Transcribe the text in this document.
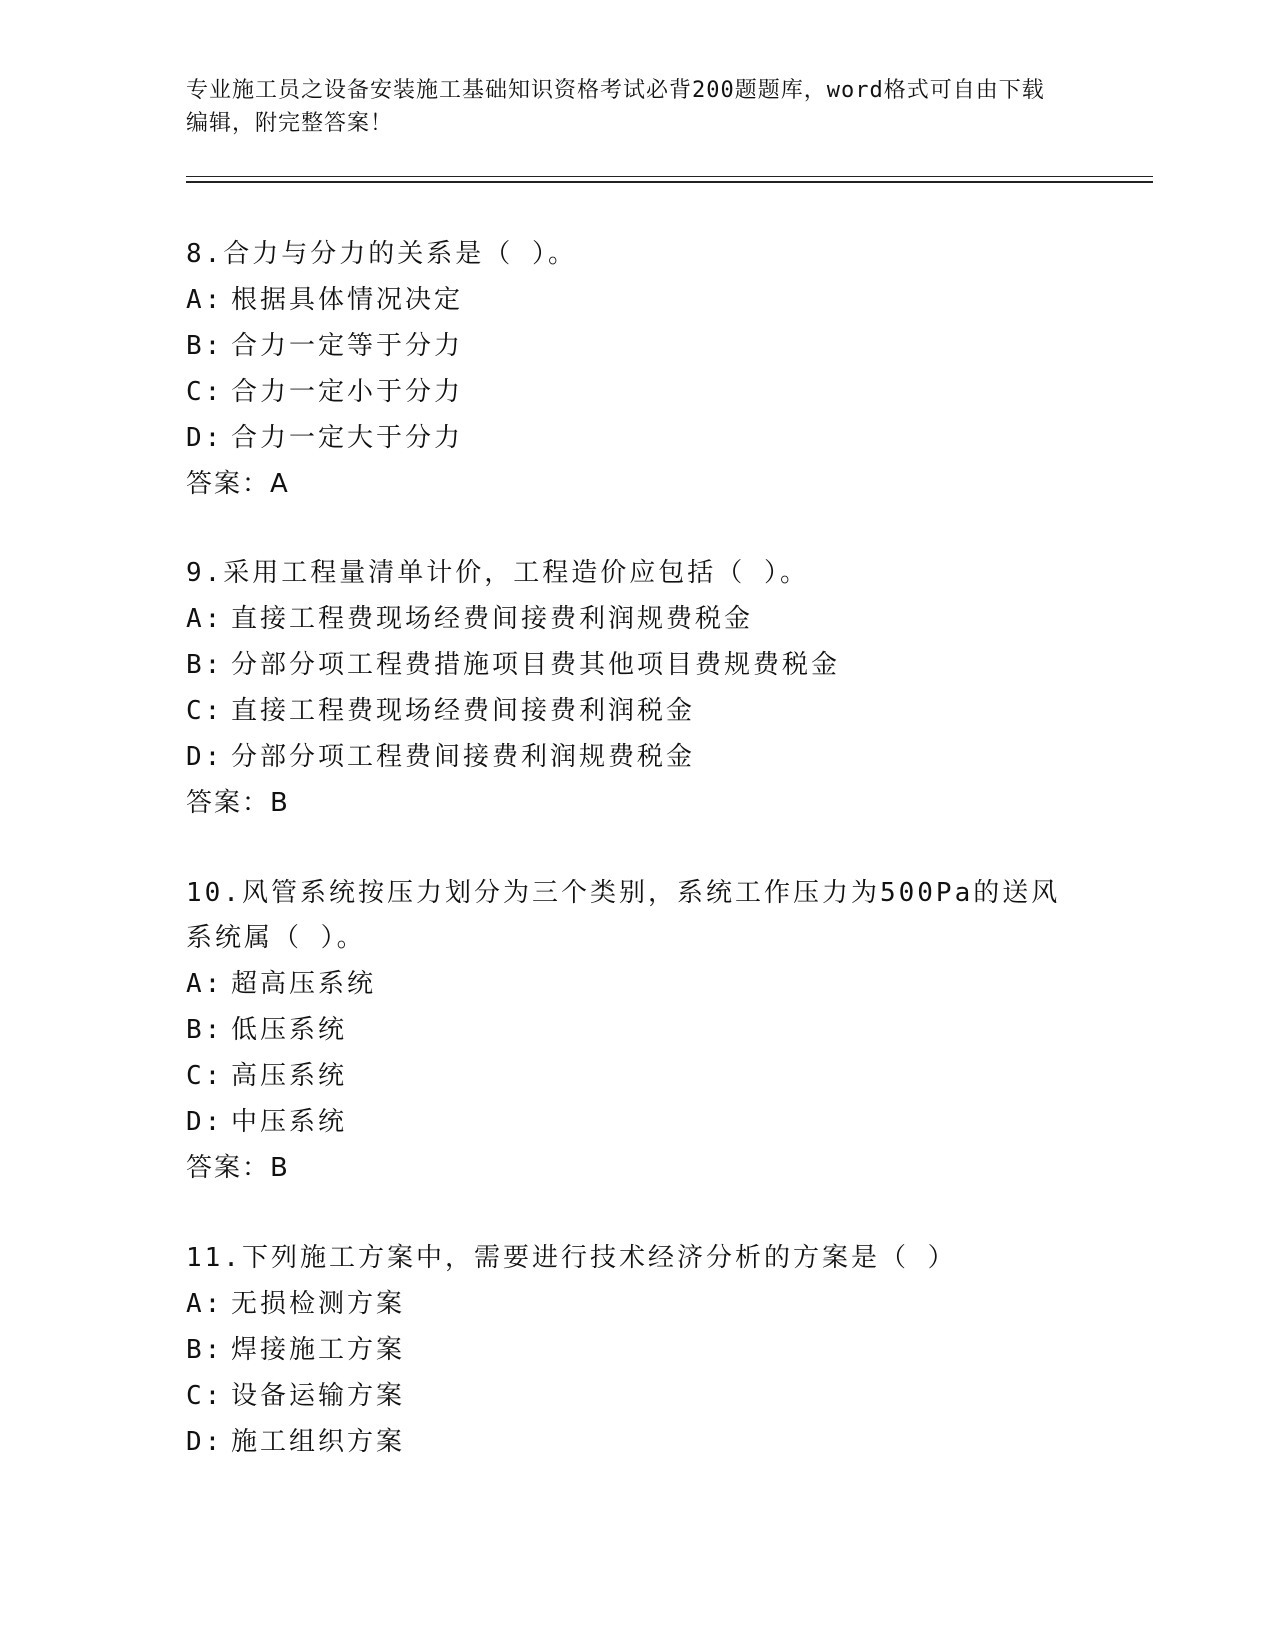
专业施工员之设备安装施工基础知识资格考试必背200题题库，word格式可自由下载编辑，附完整答案！

8.合力与分力的关系是（ ）。

A: 根据具体情况决定

B: 合力一定等于分力

C: 合力一定小于分力

D: 合力一定大于分力

答案：A

9.采用工程量清单计价，工程造价应包括（ ）。

A: 直接工程费现场经费间接费利润规费税金

B: 分部分项工程费措施项目费其他项目费规费税金

C: 直接工程费现场经费间接费利润税金

D: 分部分项工程费间接费利润规费税金

答案：B

10.风管系统按压力划分为三个类别，系统工作压力为500Pa的送风系统属（ ）。

A: 超高压系统

B: 低压系统

C: 高压系统

D: 中压系统

答案：B

11.下列施工方案中，需要进行技术经济分析的方案是（ ）

A: 无损检测方案

B: 焊接施工方案

C: 设备运输方案

D: 施工组织方案
